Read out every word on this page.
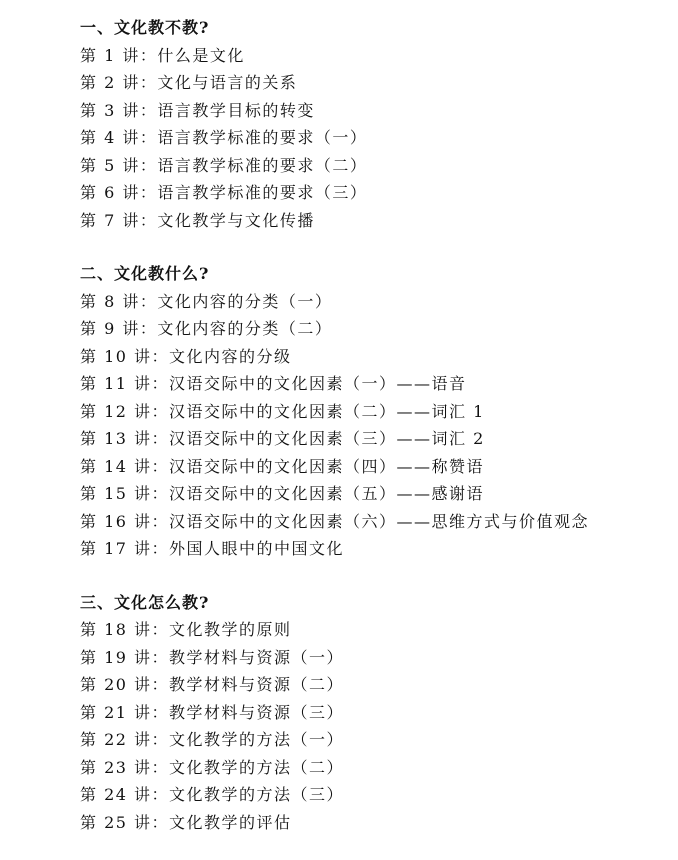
一、文化教不教?
第 1 讲：什么是文化
第 2 讲：文化与语言的关系
第 3 讲：语言教学目标的转变
第 4 讲：语言教学标准的要求（一）
第 5 讲：语言教学标准的要求（二）
第 6 讲：语言教学标准的要求（三）
第 7 讲：文化教学与文化传播
二、文化教什么?
第 8 讲：文化内容的分类（一）
第 9 讲：文化内容的分类（二）
第 10 讲：文化内容的分级
第 11 讲：汉语交际中的文化因素（一）——语音
第 12 讲：汉语交际中的文化因素（二）——词汇 1
第 13 讲：汉语交际中的文化因素（三）——词汇 2
第 14 讲：汉语交际中的文化因素（四）——称赞语
第 15 讲：汉语交际中的文化因素（五）——感谢语
第 16 讲：汉语交际中的文化因素（六）——思维方式与价值观念
第 17 讲：外国人眼中的中国文化
三、文化怎么教?
第 18 讲：文化教学的原则
第 19 讲：教学材料与资源（一）
第 20 讲：教学材料与资源（二）
第 21 讲：教学材料与资源（三）
第 22 讲：文化教学的方法（一）
第 23 讲：文化教学的方法（二）
第 24 讲：文化教学的方法（三）
第 25 讲：文化教学的评估
